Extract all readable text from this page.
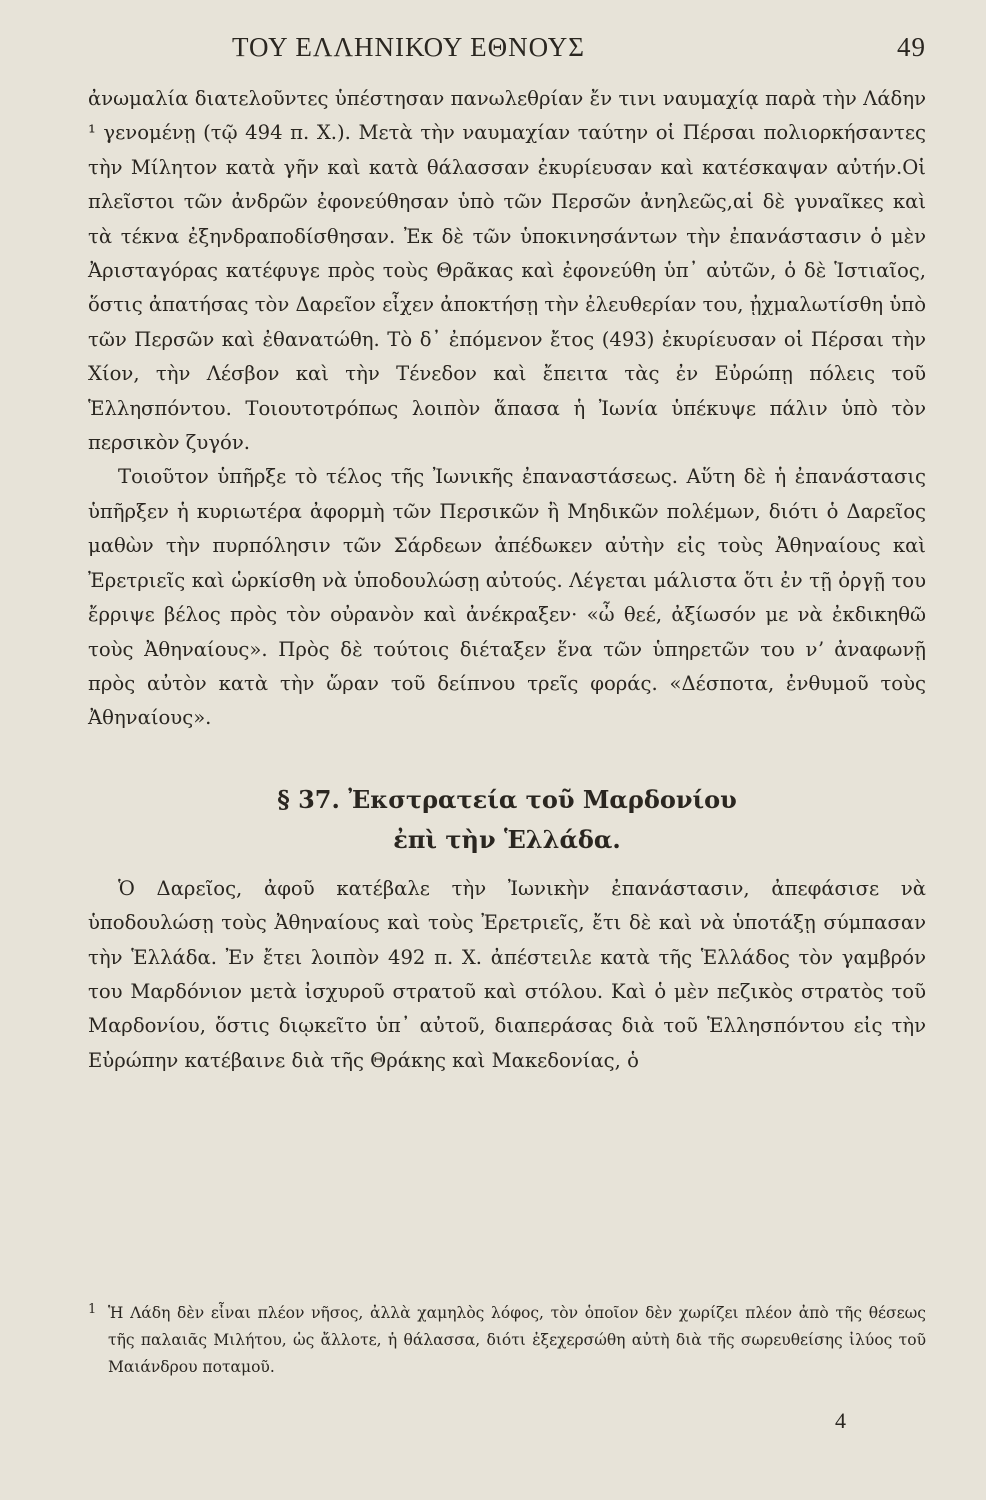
ΤΟΥ ΕΛΛΗΝΙΚΟΥ ΕΘΝΟΥΣ	49

ἀνωμαλία διατελοῦντες ὑπέστησαν πανωλεθρίαν ἔν τινι ναυμαχίᾳ παρὰ τὴν Λάδην ¹ γενομένῃ (τῷ 494 π. Χ.). Μετὰ τὴν ναυμαχίαν ταύτην οἱ Πέρσαι πολιορκήσαντες τὴν Μίλητον κατὰ γῆν καὶ κατὰ θάλασσαν ἐκυρίευσαν καὶ κατέσκαψαν αὐτήν.Οἱ πλεῖστοι τῶν ἀνδρῶν ἐφονεύθησαν ὑπὸ τῶν Περσῶν ἀνηλεῶς,αἱ δὲ γυναῖκες καὶ τὰ τέκνα ἐξηνδραποδίσθησαν. Ἐκ δὲ τῶν ὑποκινησάντων τὴν ἐπανάστασιν ὁ μὲν Ἀρισταγόρας κατέφυγε πρὸς τοὺς Θρᾶκας καὶ ἐφονεύθη ὑπ᾽ αὐτῶν, ὁ δὲ Ἱστιαῖος, ὅστις ἀπατήσας τὸν Δαρεῖον εἶχεν ἀποκτήσῃ τὴν ἐλευθερίαν του, ᾐχμαλωτίσθη ὑπὸ τῶν Περσῶν καὶ ἐθανατώθη. Τὸ δ᾽ ἐπόμενον ἔτος (493) ἐκυρίευσαν οἱ Πέρσαι τὴν Χίον, τὴν Λέσβον καὶ τὴν Τένεδον καὶ ἔπειτα τὰς ἐν Εὐρώπῃ πόλεις τοῦ Ἑλλησπόντου. Τοιουτοτρόπως λοιπὸν ἅπασα ἡ Ἰωνία ὑπέκυψε πάλιν ὑπὸ τὸν περσικὸν ζυγόν.

Τοιοῦτον ὑπῆρξε τὸ τέλος τῆς Ἰωνικῆς ἐπαναστάσεως. Αὕτη δὲ ἡ ἐπανάστασις ὑπῆρξεν ἡ κυριωτέρα ἀφορμὴ τῶν Περσικῶν ἢ Μηδικῶν πολέμων, διότι ὁ Δαρεῖος μαθὼν τὴν πυρπόλησιν τῶν Σάρδεων ἀπέδωκεν αὐτὴν εἰς τοὺς Ἀθηναίους καὶ Ἐρετριεῖς καὶ ὡρκίσθη νὰ ὑποδουλώσῃ αὐτούς. Λέγεται μάλιστα ὅτι ἐν τῇ ὀργῇ του ἔρριψε βέλος πρὸς τὸν οὐρανὸν καὶ ἀνέκραξεν· «ὦ θεέ, ἀξίωσόν με νὰ ἐκδικηθῶ τοὺς Ἀθηναίους». Πρὸς δὲ τούτοις διέταξεν ἕνα τῶν ὑπηρετῶν του νʼ ἀναφωνῇ πρὸς αὐτὸν κατὰ τὴν ὥραν τοῦ δείπνου τρεῖς φοράς. «Δέσποτα, ἐνθυμοῦ τοὺς Ἀθηναίους».

§ 37. Ἐκστρατεία τοῦ Μαρδονίου
ἐπὶ τὴν Ἑλλάδα.

Ὁ Δαρεῖος, ἀφοῦ κατέβαλε τὴν Ἰωνικὴν ἐπανάστασιν, ἀπεφάσισε νὰ ὑποδουλώσῃ τοὺς Ἀθηναίους καὶ τοὺς Ἐρετριεῖς, ἔτι δὲ καὶ νὰ ὑποτάξῃ σύμπασαν τὴν Ἑλλάδα. Ἐν ἔτει λοιπὸν 492 π. Χ. ἀπέστειλε κατὰ τῆς Ἑλλάδος τὸν γαμβρόν του Μαρδόνιον μετὰ ἰσχυροῦ στρατοῦ καὶ στόλου. Καὶ ὁ μὲν πεζικὸς στρατὸς τοῦ Μαρδονίου, ὅστις διῳκεῖτο ὑπ᾽ αὐτοῦ, διαπεράσας διὰ τοῦ Ἑλλησπόντου εἰς τὴν Εὐρώπην κατέβαινε διὰ τῆς Θράκης καὶ Μακεδονίας, ὁ

1 Ἡ Λάδη δὲν εἶναι πλέον νῆσος, ἀλλὰ χαμηλὸς λόφος, τὸν ὁποῖον δὲν χωρίζει πλέον ἀπὸ τῆς θέσεως τῆς παλαιᾶς Μιλήτου, ὡς ἄλλοτε, ἡ θάλασσα, διότι ἐξεχερσώθη αὐτὴ διὰ τῆς σωρευθείσης ἰλύος τοῦ Μαιάνδρου ποταμοῦ.
4
